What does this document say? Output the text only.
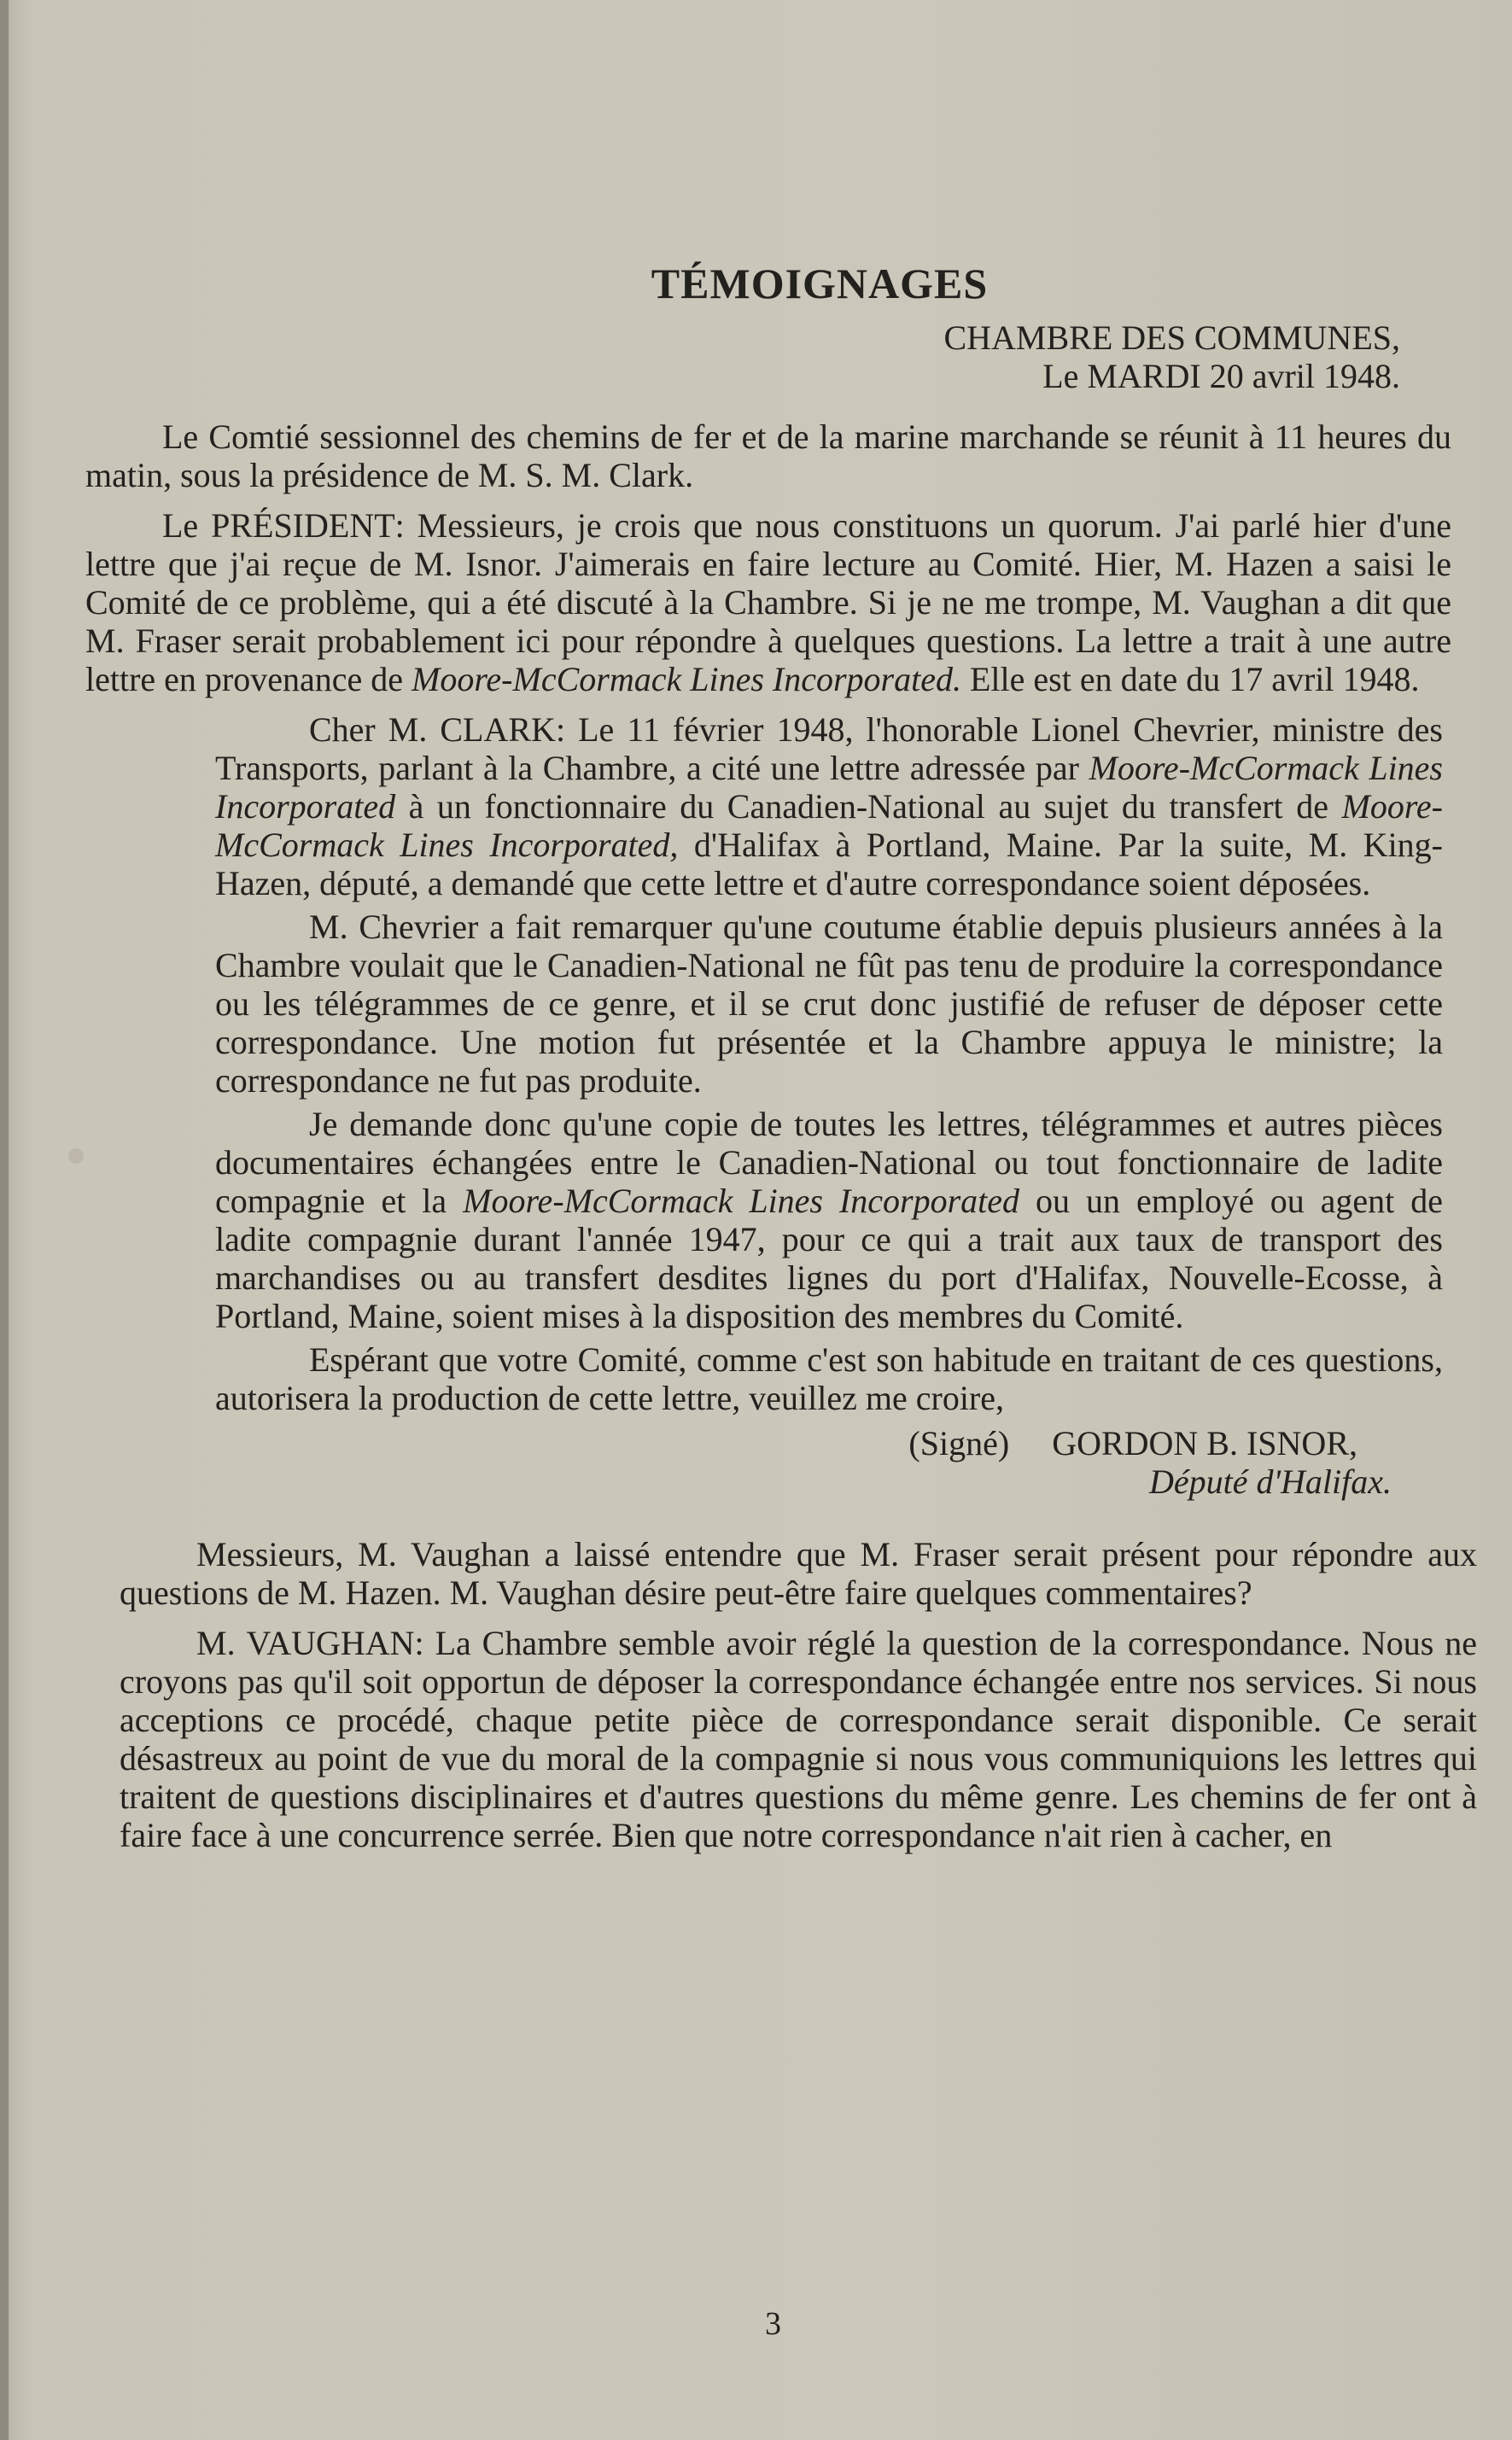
TÉMOIGNAGES
CHAMBRE DES COMMUNES,
Le MARDI 20 avril 1948.

Le Comtié sessionnel des chemins de fer et de la marine marchande se réunit à 11 heures du matin, sous la présidence de M. S. M. Clark.

Le PRÉSIDENT: Messieurs, je crois que nous constituons un quorum. J'ai parlé hier d'une lettre que j'ai reçue de M. Isnor. J'aimerais en faire lecture au Comité. Hier, M. Hazen a saisi le Comité de ce problème, qui a été discuté à la Chambre. Si je ne me trompe, M. Vaughan a dit que M. Fraser serait probablement ici pour répondre à quelques questions. La lettre a trait à une autre lettre en provenance de Moore-McCormack Lines Incorporated. Elle est en date du 17 avril 1948.

Cher M. CLARK: Le 11 février 1948, l'honorable Lionel Chevrier, ministre des Transports, parlant à la Chambre, a cité une lettre adressée par Moore-McCormack Lines Incorporated à un fonctionnaire du Canadien-National au sujet du transfert de Moore-McCormack Lines Incorporated, d'Halifax à Portland, Maine. Par la suite, M. King-Hazen, député, a demandé que cette lettre et d'autre correspondance soient déposées.

M. Chevrier a fait remarquer qu'une coutume établie depuis plusieurs années à la Chambre voulait que le Canadien-National ne fût pas tenu de produire la correspondance ou les télégrammes de ce genre, et il se crut donc justifié de refuser de déposer cette correspondance. Une motion fut présentée et la Chambre appuya le ministre; la correspondance ne fut pas produite.

Je demande donc qu'une copie de toutes les lettres, télégrammes et autres pièces documentaires échangées entre le Canadien-National ou tout fonctionnaire de ladite compagnie et la Moore-McCormack Lines Incorporated ou un employé ou agent de ladite compagnie durant l'année 1947, pour ce qui a trait aux taux de transport des marchandises ou au transfert desdites lignes du port d'Halifax, Nouvelle-Ecosse, à Portland, Maine, soient mises à la disposition des membres du Comité.

Espérant que votre Comité, comme c'est son habitude en traitant de ces questions, autorisera la production de cette lettre, veuillez me croire,

(Signé) GORDON B. ISNOR,
Député d'Halifax.

Messieurs, M. Vaughan a laissé entendre que M. Fraser serait présent pour répondre aux questions de M. Hazen. M. Vaughan désire peut-être faire quelques commentaires?

M. VAUGHAN: La Chambre semble avoir réglé la question de la correspondance. Nous ne croyons pas qu'il soit opportun de déposer la correspondance échangée entre nos services. Si nous acceptions ce procédé, chaque petite pièce de correspondance serait disponible. Ce serait désastreux au point de vue du moral de la compagnie si nous vous communiquions les lettres qui traitent de questions disciplinaires et d'autres questions du même genre. Les chemins de fer ont à faire face à une concurrence serrée. Bien que notre correspondance n'ait rien à cacher, en

3
